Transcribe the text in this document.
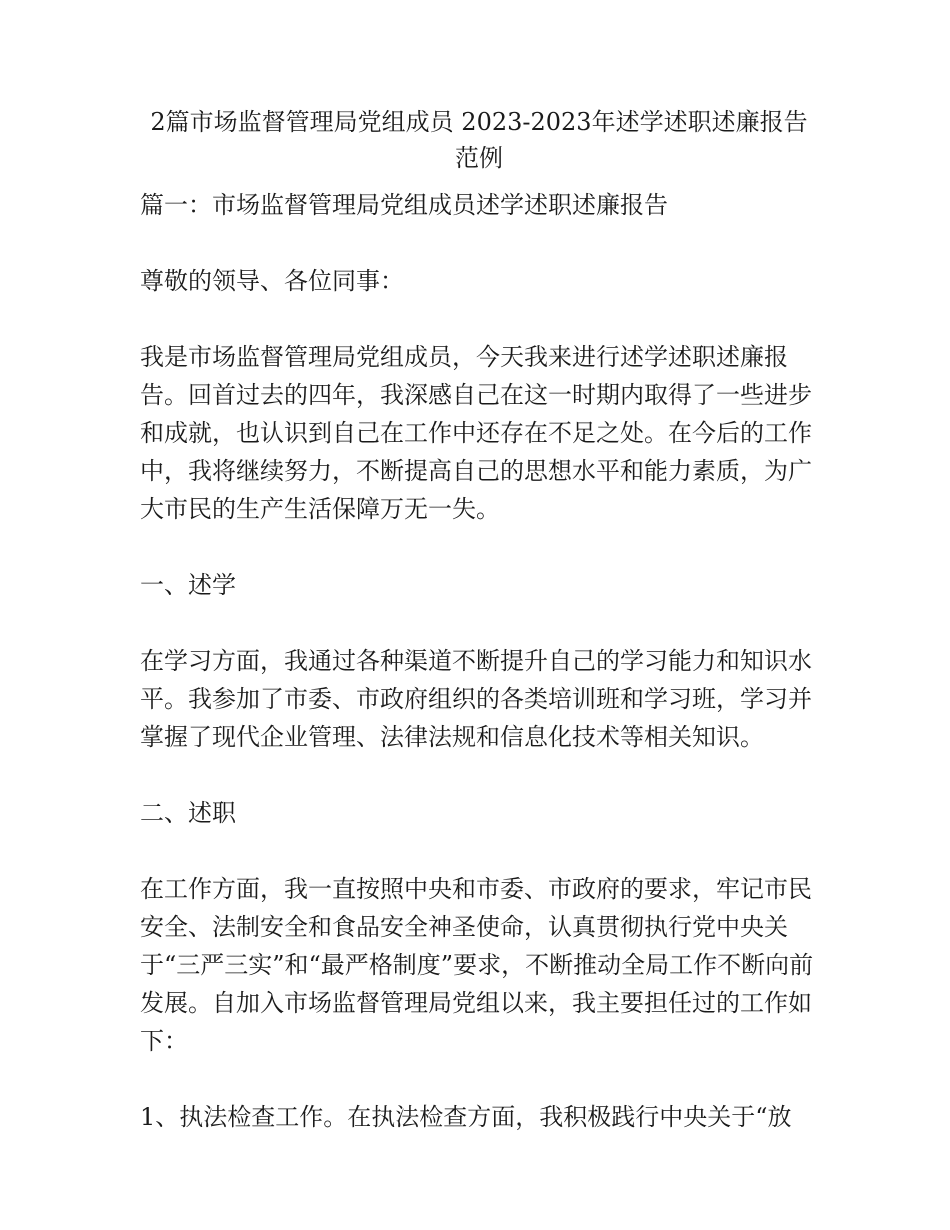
2篇市场监督管理局党组成员 2023-2023年述学述职述廉报告
范例

篇一：市场监督管理局党组成员述学述职述廉报告

尊敬的领导、各位同事：

我是市场监督管理局党组成员，今天我来进行述学述职述廉报告。回首过去的四年，我深感自己在这一时期内取得了一些进步和成就，也认识到自己在工作中还存在不足之处。在今后的工作中，我将继续努力，不断提高自己的思想水平和能力素质，为广大市民的生产生活保障万无一失。

一、述学

在学习方面，我通过各种渠道不断提升自己的学习能力和知识水平。我参加了市委、市政府组织的各类培训班和学习班，学习并掌握了现代企业管理、法律法规和信息化技术等相关知识。

二、述职

在工作方面，我一直按照中央和市委、市政府的要求，牢记市民安全、法制安全和食品安全神圣使命，认真贯彻执行党中央关于“三严三实”和“最严格制度”要求，不断推动全局工作不断向前发展。自加入市场监督管理局党组以来，我主要担任过的工作如下：

1、执法检查工作。在执法检查方面，我积极践行中央关于“放
